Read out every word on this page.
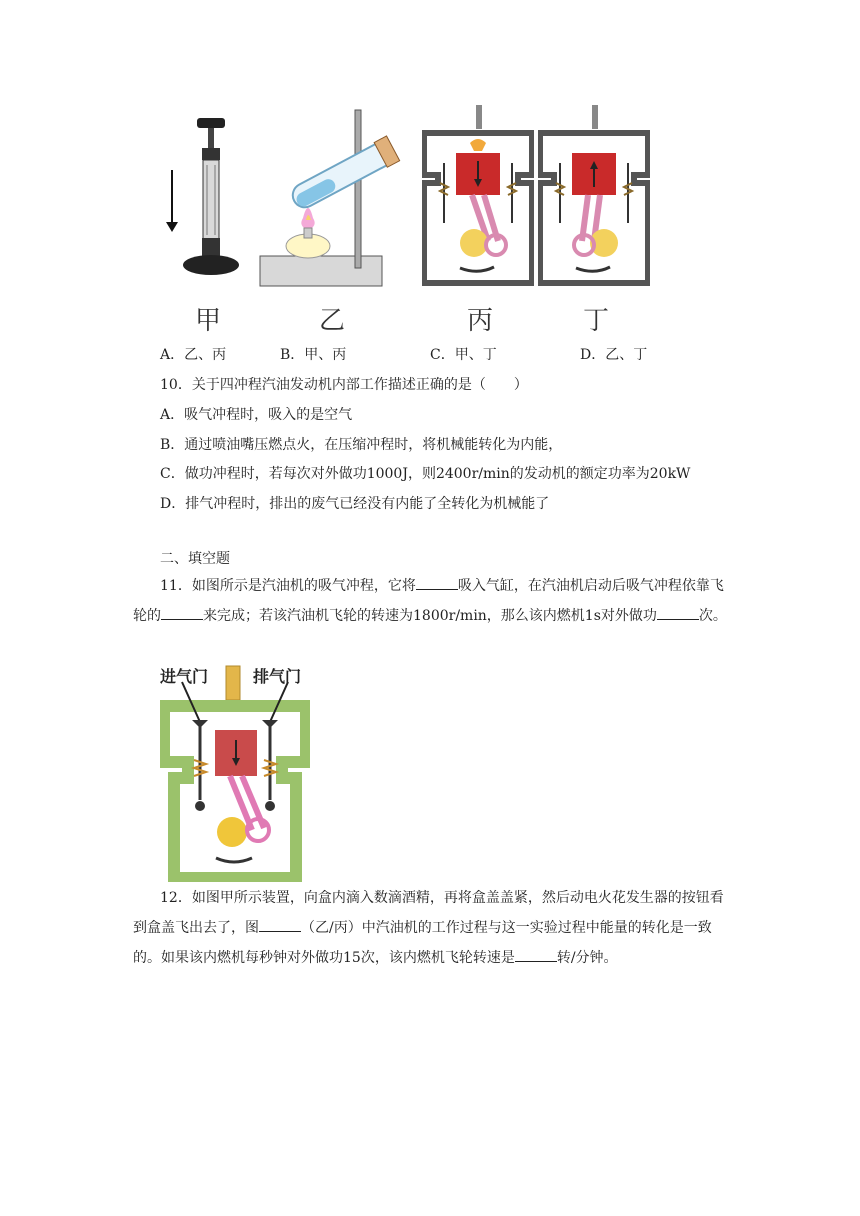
甲	乙	丙	丁
A．乙、丙	B．甲、丙	C．甲、丁	D．乙、丁
10．关于四冲程汽油发动机内部工作描述正确的是（　　）
A．吸气冲程时，吸入的是空气
B．通过喷油嘴压燃点火，在压缩冲程时，将机械能转化为内能，
C．做功冲程时，若每次对外做功1000J，则2400r/min的发动机的额定功率为20kW
D．排气冲程时，排出的废气已经没有内能了全转化为机械能了
二、填空题
11．如图所示是汽油机的吸气冲程，它将	吸入气缸，在汽油机启动后吸气冲程依靠飞轮的	来完成；若该汽油机飞轮的转速为1800r/min，那么该内燃机1s对外做功	次。
进气门	排气门
12．如图甲所示装置，向盒内滴入数滴酒精，再将盒盖盖紧，然后动电火花发生器的按钮看到盒盖飞出去了，图	（乙/丙）中汽油机的工作过程与这一实验过程中能量的转化是一致的。如果该内燃机每秒钟对外做功15次，该内燃机飞轮转速是	转/分钟。
